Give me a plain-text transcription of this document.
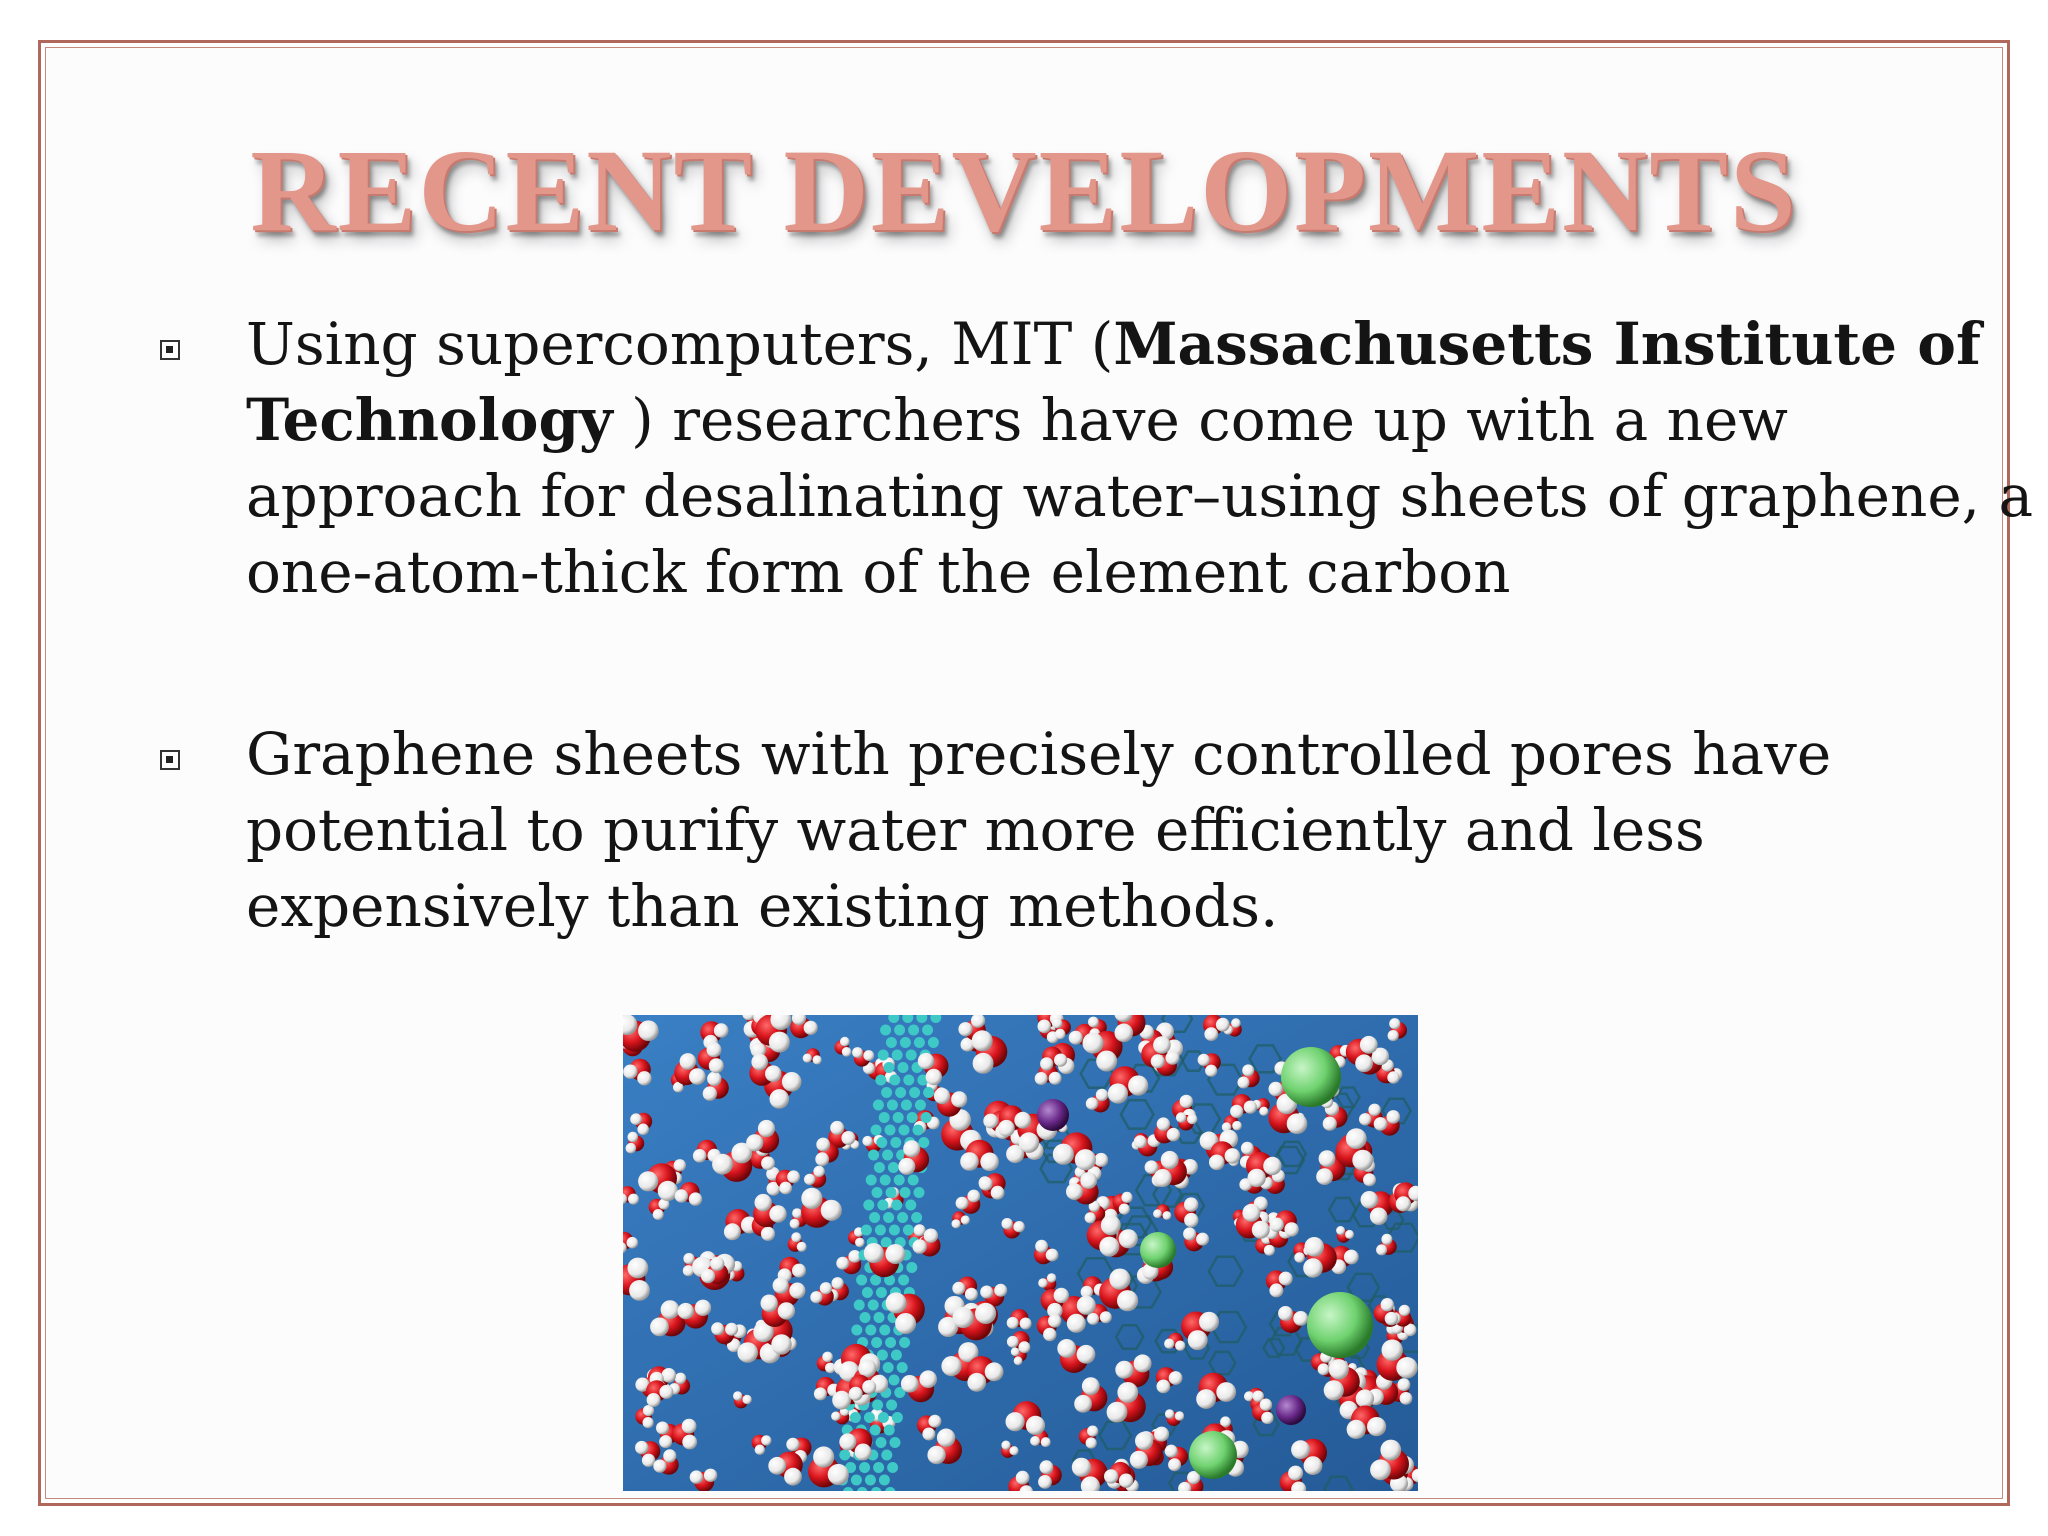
RECENT DEVELOPMENTS

Using supercomputers, MIT (Massachusetts Institute of
Technology ) researchers have come up with a new
approach for desalinating water–using sheets of graphene, a
one-atom-thick form of the element carbon

Graphene sheets with precisely controlled pores have
potential to purify water more efficiently and less
expensively than existing methods.
